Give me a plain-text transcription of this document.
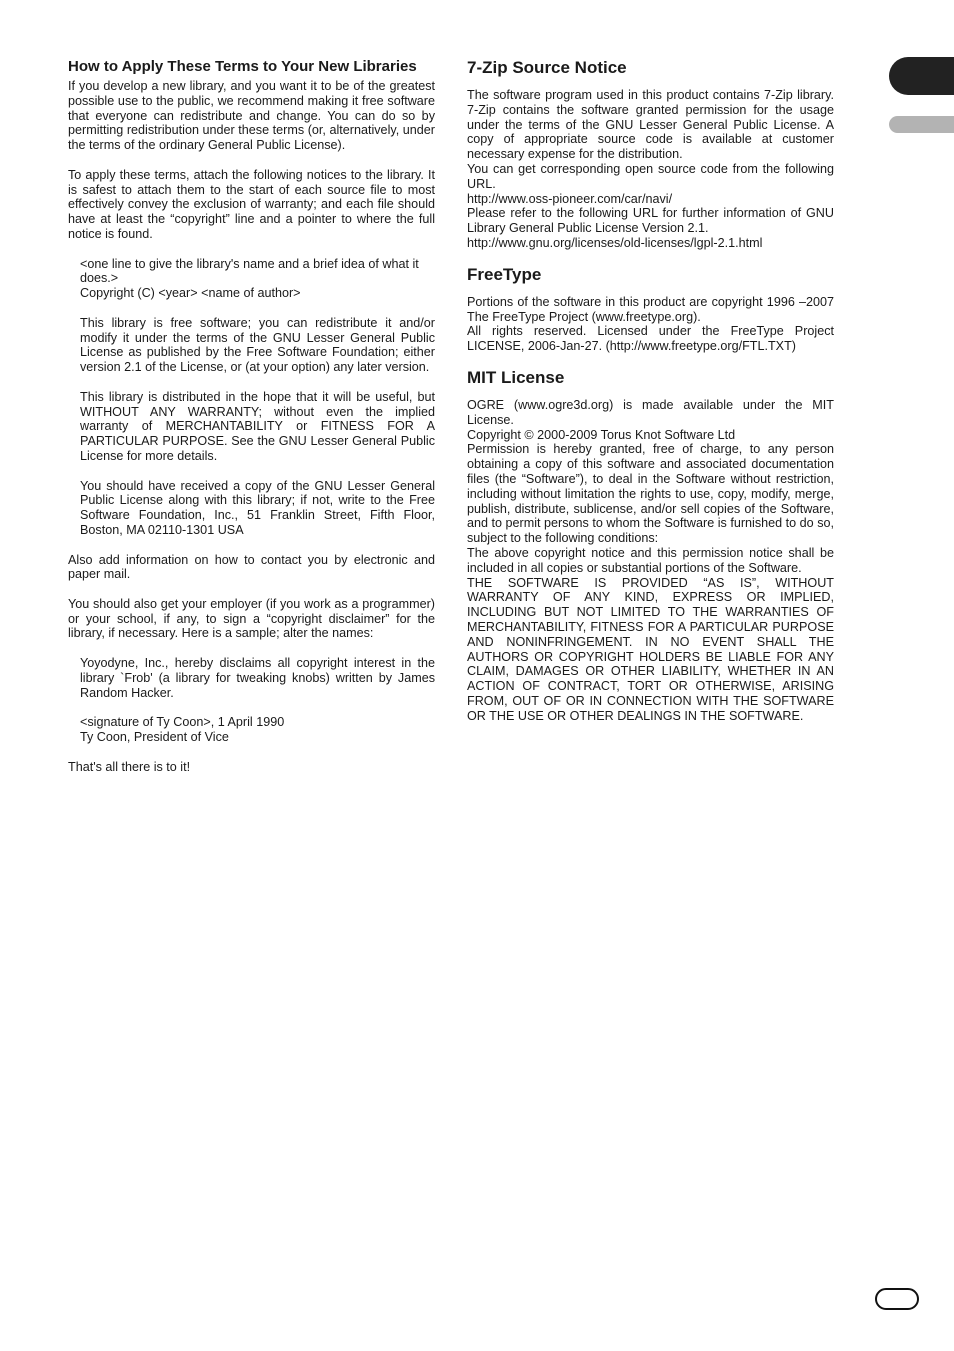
How to Apply These Terms to Your New Libraries

If you develop a new library, and you want it to be of the greatest possible use to the public, we recommend making it free software that everyone can redistribute and change. You can do so by permitting redistribution under these terms (or, alternatively, under the terms of the ordinary General Public License).

To apply these terms, attach the following notices to the library. It is safest to attach them to the start of each source file to most effectively convey the exclusion of warranty; and each file should have at least the “copyright” line and a pointer to where the full notice is found.

<one line to give the library's name and a brief idea of what it does.>
Copyright (C) <year> <name of author>

This library is free software; you can redistribute it and/or modify it under the terms of the GNU Lesser General Public License as published by the Free Software Foundation; either version 2.1 of the License, or (at your option) any later version.

This library is distributed in the hope that it will be useful, but WITHOUT ANY WARRANTY; without even the implied warranty of MERCHANTABILITY or FITNESS FOR A PARTICULAR PURPOSE. See the GNU Lesser General Public License for more details.

You should have received a copy of the GNU Lesser General Public License along with this library; if not, write to the Free Software Foundation, Inc., 51 Franklin Street, Fifth Floor, Boston, MA 02110-1301 USA

Also add information on how to contact you by electronic and paper mail.

You should also get your employer (if you work as a programmer) or your school, if any, to sign a “copyright disclaimer” for the library, if necessary. Here is a sample; alter the names:

Yoyodyne, Inc., hereby disclaims all copyright interest in the library `Frob' (a library for tweaking knobs) written by James Random Hacker.

<signature of Ty Coon>, 1 April 1990
Ty Coon, President of Vice

That's all there is to it!

7-Zip Source Notice

The software program used in this product contains 7-Zip library. 7-Zip contains the software granted permission for the usage under the terms of the GNU Lesser General Public License. A copy of appropriate source code is available at customer necessary expense for the distribution.

You can get corresponding open source code from the following URL.

http://www.oss-pioneer.com/car/navi/

Please refer to the following URL for further information of GNU Library General Public License Version 2.1.

http://www.gnu.org/licenses/old-licenses/lgpl-2.1.html

FreeType

Portions of the software in this product are copyright 1996 –2007 The FreeType Project (www.freetype.org).

All rights reserved. Licensed under the FreeType Project LICENSE, 2006-Jan-27. (http://www.freetype.org/FTL.TXT)

MIT License

OGRE (www.ogre3d.org) is made available under the MIT License.

Copyright © 2000-2009 Torus Knot Software Ltd

Permission is hereby granted, free of charge, to any person obtaining a copy of this software and associated documentation files (the “Software”), to deal in the Software without restriction, including without limitation the rights to use, copy, modify, merge, publish, distribute, sublicense, and/or sell copies of the Software, and to permit persons to whom the Software is furnished to do so, subject to the following conditions:

The above copyright notice and this permission notice shall be included in all copies or substantial portions of the Software.

THE SOFTWARE IS PROVIDED “AS IS”, WITHOUT WARRANTY OF ANY KIND, EXPRESS OR IMPLIED, INCLUDING BUT NOT LIMITED TO THE WARRANTIES OF MERCHANTABILITY, FITNESS FOR A PARTICULAR PURPOSE AND NONINFRINGEMENT. IN NO EVENT SHALL THE AUTHORS OR COPYRIGHT HOLDERS BE LIABLE FOR ANY CLAIM, DAMAGES OR OTHER LIABILITY, WHETHER IN AN ACTION OF CONTRACT, TORT OR OTHERWISE, ARISING FROM, OUT OF OR IN CONNECTION WITH THE SOFTWARE OR THE USE OR OTHER DEALINGS IN THE SOFTWARE.
